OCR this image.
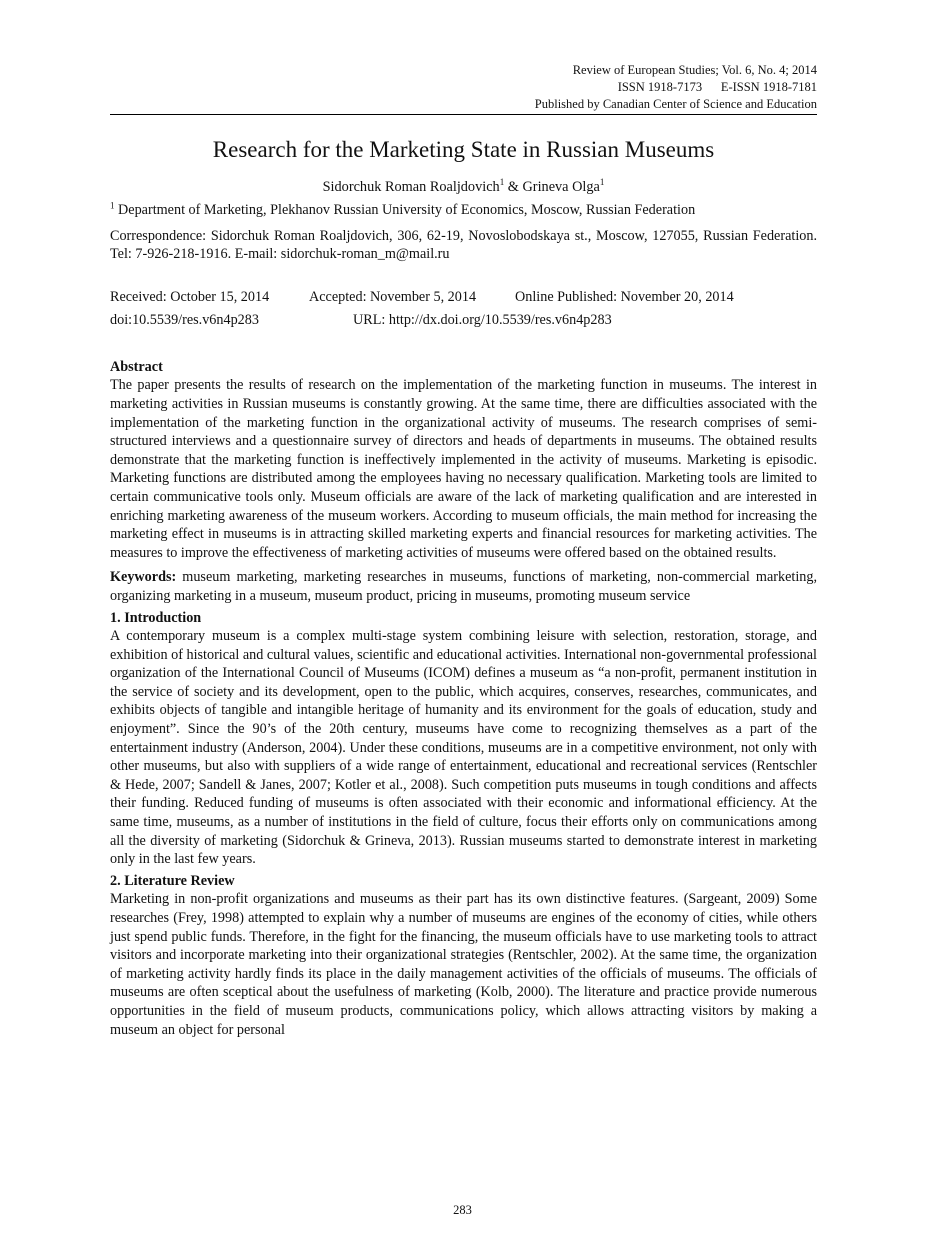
Review of European Studies; Vol. 6, No. 4; 2014
ISSN 1918-7173      E-ISSN 1918-7181
Published by Canadian Center of Science and Education
Research for the Marketing State in Russian Museums
Sidorchuk Roman Roaljdovich$^1$ & Grineva Olga$^1$

$^1$ Department of Marketing, Plekhanov Russian University of Economics, Moscow, Russian Federation

Correspondence: Sidorchuk Roman Roaljdovich, 306, 62-19, Novoslobodskaya st., Moscow, 127055, Russian Federation. Tel: 7-926-218-1916. E-mail: sidorchuk-roman_m@mail.ru

Received: October 15, 2014	Accepted: November 5, 2014	Online Published: November 20, 2014
doi:10.5539/res.v6n4p283	URL: http://dx.doi.org/10.5539/res.v6n4p283

Abstract

The paper presents the results of research on the implementation of the marketing function in museums. The interest in marketing activities in Russian museums is constantly growing. At the same time, there are difficulties associated with the implementation of the marketing function in the organizational activity of museums. The research comprises of semi-structured interviews and a questionnaire survey of directors and heads of departments in museums. The obtained results demonstrate that the marketing function is ineffectively implemented in the activity of museums. Marketing is episodic. Marketing functions are distributed among the employees having no necessary qualification. Marketing tools are limited to certain communicative tools only. Museum officials are aware of the lack of marketing qualification and are interested in enriching marketing awareness of the museum workers. According to museum officials, the main method for increasing the marketing effect in museums is in attracting skilled marketing experts and financial resources for marketing activities. The measures to improve the effectiveness of marketing activities of museums were offered based on the obtained results.

Keywords: museum marketing, marketing researches in museums, functions of marketing, non-commercial marketing, organizing marketing in a museum, museum product, pricing in museums, promoting museum service

1. Introduction

A contemporary museum is a complex multi-stage system combining leisure with selection, restoration, storage, and exhibition of historical and cultural values, scientific and educational activities. International non-governmental professional organization of the International Council of Museums (ICOM) defines a museum as “a non-profit, permanent institution in the service of society and its development, open to the public, which acquires, conserves, researches, communicates, and exhibits objects of tangible and intangible heritage of humanity and its environment for the goals of education, study and enjoyment”. Since the 90’s of the 20th century, museums have come to recognizing themselves as a part of the entertainment industry (Anderson, 2004). Under these conditions, museums are in a competitive environment, not only with other museums, but also with suppliers of a wide range of entertainment, educational and recreational services (Rentschler & Hede, 2007; Sandell & Janes, 2007; Kotler et al., 2008). Such competition puts museums in tough conditions and affects their funding. Reduced funding of museums is often associated with their economic and informational efficiency. At the same time, museums, as a number of institutions in the field of culture, focus their efforts only on communications among all the diversity of marketing (Sidorchuk & Grineva, 2013). Russian museums started to demonstrate interest in marketing only in the last few years.

2. Literature Review

Marketing in non-profit organizations and museums as their part has its own distinctive features. (Sargeant, 2009) Some researches (Frey, 1998) attempted to explain why a number of museums are engines of the economy of cities, while others just spend public funds. Therefore, in the fight for the financing, the museum officials have to use marketing tools to attract visitors and incorporate marketing into their organizational strategies (Rentschler, 2002). At the same time, the organization of marketing activity hardly finds its place in the daily management activities of the officials of museums. The officials of museums are often sceptical about the usefulness of marketing (Kolb, 2000). The literature and practice provide numerous opportunities in the field of museum products, communications policy, which allows attracting visitors by making a museum an object for personal

283
